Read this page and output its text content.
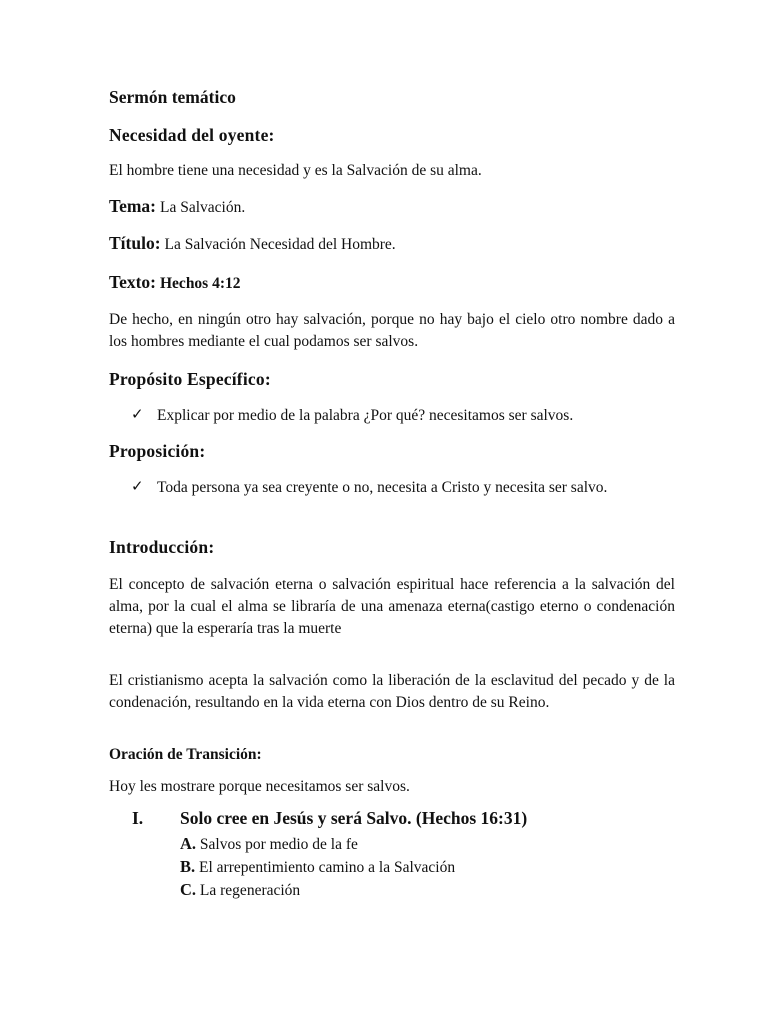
Sermón temático
Necesidad del oyente:
El hombre tiene una necesidad y es la Salvación de su alma.
Tema: La Salvación.
Título: La Salvación Necesidad del Hombre.
Texto: Hechos 4:12

De hecho, en ningún otro hay salvación, porque no hay bajo el cielo otro nombre dado a los hombres mediante el cual podamos ser salvos.

Propósito Específico:
✓ Explicar por medio de la palabra ¿Por qué? necesitamos ser salvos.

Proposición:
✓ Toda persona ya sea creyente o no, necesita a Cristo y necesita ser salvo.

Introducción:

El concepto de salvación eterna o salvación espiritual hace referencia a la salvación del alma, por la cual el alma se libraría de una amenaza eterna(castigo eterno o condenación eterna) que la esperaría tras la muerte

El cristianismo acepta la salvación como la liberación de la esclavitud del pecado y de la condenación, resultando en la vida eterna con Dios dentro de su Reino.

Oración de Transición:
Hoy les mostrare porque necesitamos ser salvos.
I. Solo cree en Jesús y será Salvo. (Hechos 16:31)
A. Salvos por medio de la fe
B. El arrepentimiento camino a la Salvación
C. La regeneración
